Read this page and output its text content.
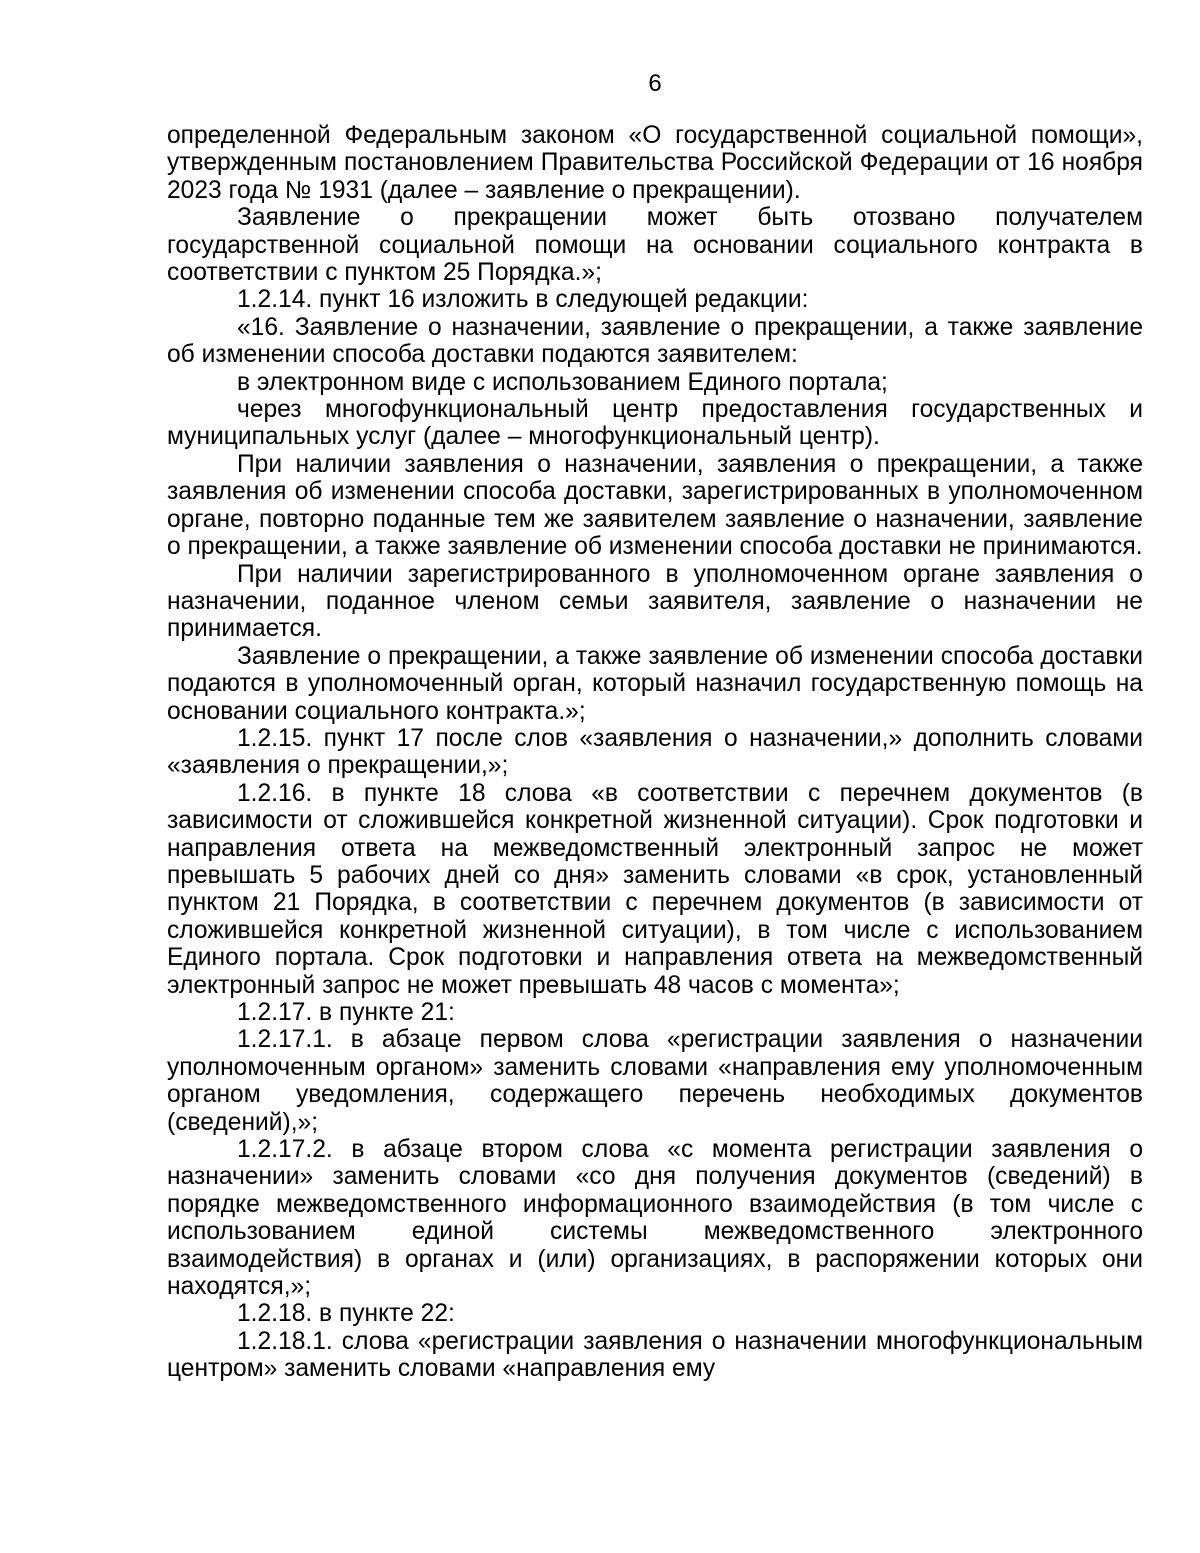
6

определенной Федеральным законом «О государственной социальной помощи», утвержденным постановлением Правительства Российской Федерации от 16 ноября 2023 года № 1931 (далее – заявление о прекращении).

Заявление о прекращении может быть отозвано получателем государственной социальной помощи на основании социального контракта в соответствии с пунктом 25 Порядка.»;

1.2.14. пункт 16 изложить в следующей редакции:

«16. Заявление о назначении, заявление о прекращении, а также заявление об изменении способа доставки подаются заявителем:

в электронном виде с использованием Единого портала;

через многофункциональный центр предоставления государственных и муниципальных услуг (далее – многофункциональный центр).

При наличии заявления о назначении, заявления о прекращении, а также заявления об изменении способа доставки, зарегистрированных в уполномоченном органе, повторно поданные тем же заявителем заявление о назначении, заявление о прекращении, а также заявление об изменении способа доставки не принимаются.

При наличии зарегистрированного в уполномоченном органе заявления о назначении, поданное членом семьи заявителя, заявление о назначении не принимается.

Заявление о прекращении, а также заявление об изменении способа доставки подаются в уполномоченный орган, который назначил государственную помощь на основании социального контракта.»;

1.2.15. пункт 17 после слов «заявления о назначении,» дополнить словами «заявления о прекращении,»;

1.2.16. в пункте 18 слова «в соответствии с перечнем документов (в зависимости от сложившейся конкретной жизненной ситуации). Срок подготовки и направления ответа на межведомственный электронный запрос не может превышать 5 рабочих дней со дня» заменить словами «в срок, установленный пунктом 21 Порядка, в соответствии с перечнем документов (в зависимости от сложившейся конкретной жизненной ситуации), в том числе с использованием Единого портала. Срок подготовки и направления ответа на межведомственный электронный запрос не может превышать 48 часов с момента»;

1.2.17. в пункте 21:

1.2.17.1. в абзаце первом слова «регистрации заявления о назначении уполномоченным органом» заменить словами «направления ему уполномоченным органом уведомления, содержащего перечень необходимых документов (сведений),»;

1.2.17.2. в абзаце втором слова «с момента регистрации заявления о назначении» заменить словами «со дня получения документов (сведений) в порядке межведомственного информационного взаимодействия (в том числе с использованием единой системы межведомственного электронного взаимодействия) в органах и (или) организациях, в распоряжении которых они находятся,»;

1.2.18. в пункте 22:

1.2.18.1. слова «регистрации заявления о назначении многофункциональным центром» заменить словами «направления ему
